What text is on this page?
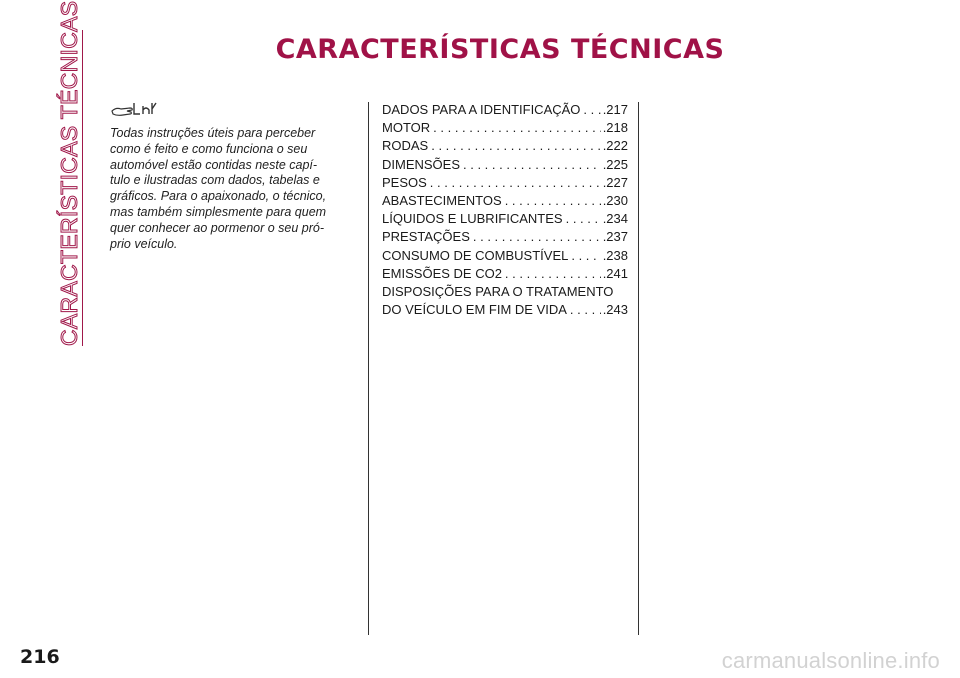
CARACTERÍSTICAS TÉCNICAS	CARACTERÍSTICAS TÉCNICAS
Todas instruções úteis para perceber
como é feito e como funciona o seu
automóvel estão contidas neste capí-
tulo e ilustradas com dados, tabelas e
gráficos. Para o apaixonado, o técnico,
mas também simplesmente para quem
quer conhecer ao pormenor o seu pró-
prio veículo.
DADOS PARA A IDENTIFICAÇÃO . . . .217
MOTOR . . .	.218
RODAS . . .	.222
DIMENSÕES . . .	.225
PESOS . . .	.227
ABASTECIMENTOS . . .	.230
LÍQUIDOS E LUBRIFICANTES . . .	.234
PRESTAÇÕES . . .	.237
CONSUMO DE COMBUSTÍVEL . . .	.238
EMISSÕES DE CO2 . . .	.241
DISPOSIÇÕES PARA O TRATAMENTO
DO VEÍCULO EM FIM DE VIDA . . .	.243
216	carmanualsonline.info
